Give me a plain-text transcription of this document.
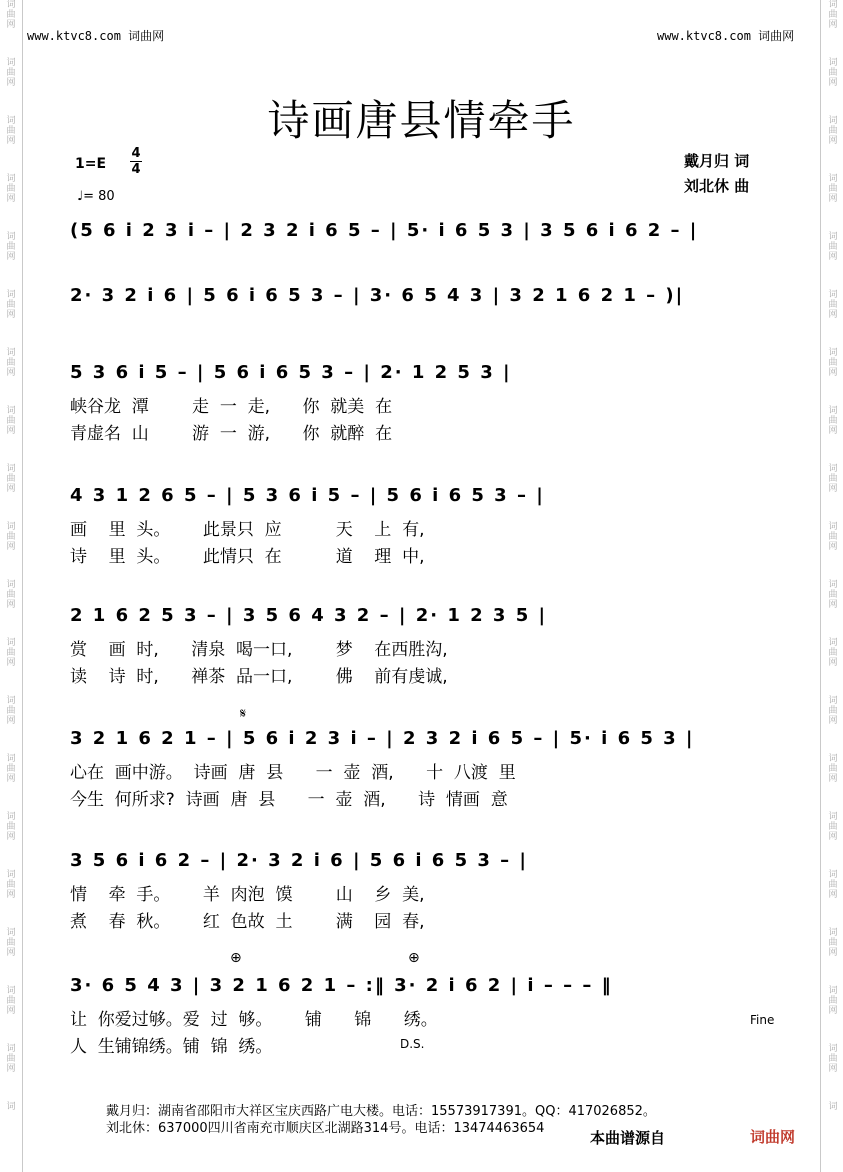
词
曲
网
词
曲
网
词
曲
网
词
曲
网
词
曲
网
词
曲
网
词
曲
网
词
曲
网
词
曲
网
词
曲
网
词
曲
网
词
曲
网
词
曲
网
词
曲
网
词
曲
网
词
曲
网
词
曲
网
词
曲
网
词
曲
网
词
词
曲
网
词
曲
网
词
曲
网
词
曲
网
词
曲
网
词
曲
网
词
曲
网
词
曲
网
词
曲
网
词
曲
网
词
曲
网
词
曲
网
词
曲
网
词
曲
网
词
曲
网
词
曲
网
词
曲
网
词
曲
网
词
曲
网
词
www.ktvc8.com 词曲网	www.ktvc8.com 词曲网
诗画唐县情牵手
1=E
4
4
♩= 80
戴月归 词
刘北休 曲
(5 6 i 2 3 i – | 2 3 2 i 6 5 – | 5· i 6 5 3 | 3 5 6 i 6 2 – |
2· 3 2 i 6 | 5 6 i 6 5 3 – | 3· 6 5 4 3 | 3 2 1 6 2 1 – )|
5 3 6 i 5 – | 5 6 i 6 5 3 – | 2· 1 2 5 3 |
峡谷龙  潭        走  一  走,      你  就美  在
青虚名  山        游  一  游,      你  就醉  在
4 3 1 2 6 5 – | 5 3 6 i 5 – | 5 6 i 6 5 3 – |
画    里  头。      此景只  应          天    上  有,
诗    里  头。      此情只  在          道    理  中,
2 1 6 2 5 3 – | 3 5 6 4 3 2 – | 2· 1 2 3 5 |
赏    画  时,      清泉  喝一口,        梦    在西胜沟,
读    诗  时,      禅茶  品一口,        佛    前有虔诚,
3 2 1 6 2 1 – | 5 6 i 2 3 i – | 2 3 2 i 6 5 – | 5· i 6 5 3 |
心在  画中游。  诗画  唐  县      一  壶  酒,      十  八渡  里
今生  何所求?  诗画  唐  县      一  壶  酒,      诗  情画  意
3 5 6 i 6 2 – | 2· 3 2 i 6 | 5 6 i 6 5 3 – |
情    牵  手。      羊  肉泡  馍        山    乡  美,
煮    春  秋。      红  色故  土        满    园  春,
3· 6 5 4 3 | 3 2 1 6 2 1 – :‖ 3· 2 i 6 2 | i – – – ‖
让  你爱过够。爱  过  够。      铺      锦      绣。
人  生铺锦绣。铺  锦  绣。
𝄋
⊕	⊕
Fine
D.S.
戴月归：湖南省邵阳市大祥区宝庆西路广电大楼。电话：15573917391。QQ：417026852。
刘北休：637000四川省南充市顺庆区北湖路314号。电话：13474463654
本曲谱源自	词曲网
